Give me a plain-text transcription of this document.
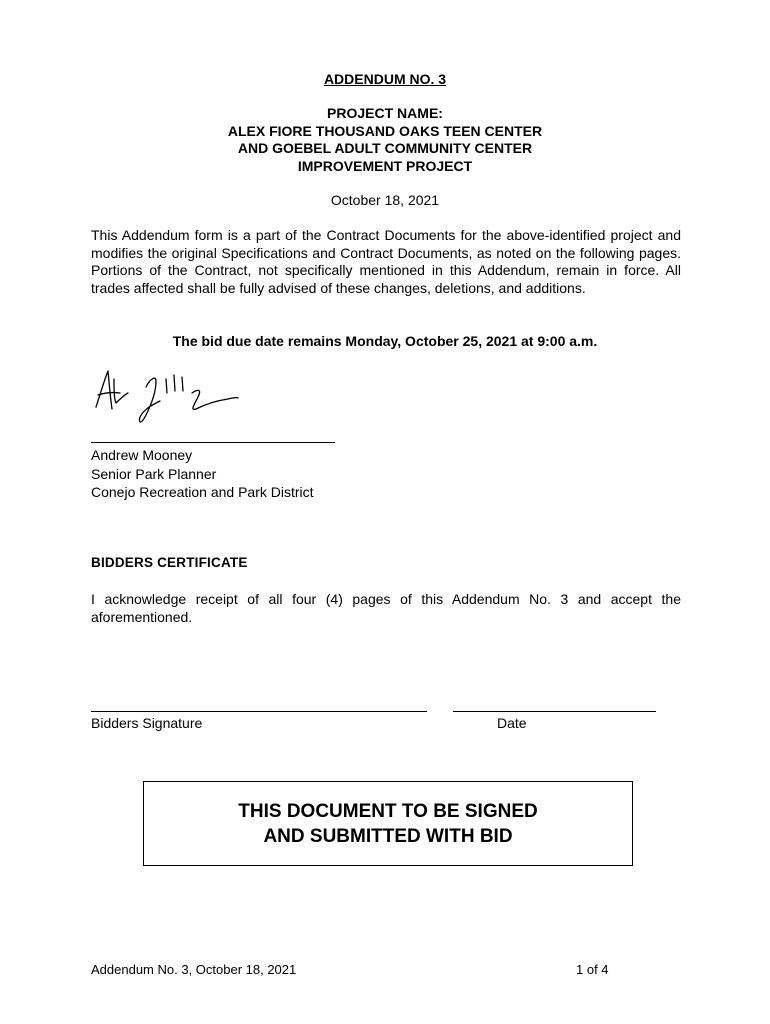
ADDENDUM NO. 3
PROJECT NAME:
ALEX FIORE THOUSAND OAKS TEEN CENTER
AND GOEBEL ADULT COMMUNITY CENTER
IMPROVEMENT PROJECT
October 18, 2021
This Addendum form is a part of the Contract Documents for the above-identified project and modifies the original Specifications and Contract Documents, as noted on the following pages. Portions of the Contract, not specifically mentioned in this Addendum, remain in force. All trades affected shall be fully advised of these changes, deletions, and additions.
The bid due date remains Monday, October 25, 2021 at 9:00 a.m.
Andrew Mooney
Senior Park Planner
Conejo Recreation and Park District
BIDDERS CERTIFICATE
I acknowledge receipt of all four (4) pages of this Addendum No. 3 and accept the aforementioned.
Bidders Signature	Date
THIS DOCUMENT TO BE SIGNED
AND SUBMITTED WITH BID
Addendum No. 3, October 18, 2021	1 of 4
